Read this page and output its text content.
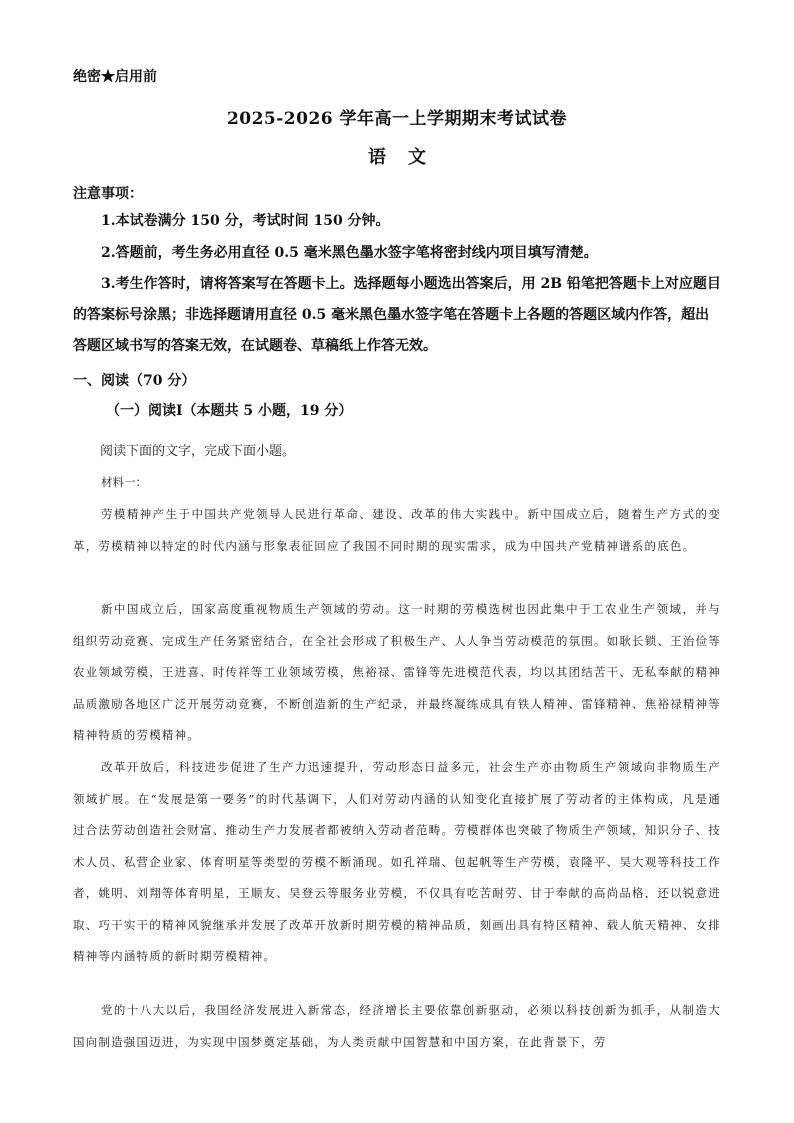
绝密★启用前
2025-2026 学年高一上学期期末考试试卷
语文
注意事项：

1.本试卷满分 150 分，考试时间 150 分钟。

2.答题前，考生务必用直径 0.5 毫米黑色墨水签字笔将密封线内项目填写清楚。

3.考生作答时，请将答案写在答题卡上。选择题每小题选出答案后，用 2B 铅笔把答题卡上对应题目的答案标号涂黑；非选择题请用直径 0.5 毫米黑色墨水签字笔在答题卡上各题的答题区域内作答，超出答题区域书写的答案无效，在试题卷、草稿纸上作答无效。

一、阅读（70 分）
（一）阅读Ⅰ（本题共 5 小题，19 分）
阅读下面的文字，完成下面小题。
材料一：

劳模精神产生于中国共产党领导人民进行革命、建设、改革的伟大实践中。新中国成立后，随着生产方式的变革，劳模精神以特定的时代内涵与形象表征回应了我国不同时期的现实需求，成为中国共产党精神谱系的底色。

新中国成立后，国家高度重视物质生产领域的劳动。这一时期的劳模选树也因此集中于工农业生产领域，并与组织劳动竞赛、完成生产任务紧密结合，在全社会形成了积极生产、人人争当劳动模范的氛围。如耿长锁、王治俭等农业领域劳模，王进喜、时传祥等工业领域劳模，焦裕禄、雷锋等先进模范代表，均以其团结苦干、无私奉献的精神品质激励各地区广泛开展劳动竞赛，不断创造新的生产纪录，并最终凝练成具有铁人精神、雷锋精神、焦裕禄精神等精神特质的劳模精神。

改革开放后，科技进步促进了生产力迅速提升，劳动形态日益多元，社会生产亦由物质生产领域向非物质生产领域扩展。在“发展是第一要务”的时代基调下，人们对劳动内涵的认知变化直接扩展了劳动者的主体构成，凡是通过合法劳动创造社会财富、推动生产力发展者都被纳入劳动者范畴。劳模群体也突破了物质生产领域，知识分子、技术人员、私营企业家、体育明星等类型的劳模不断涌现。如孔祥瑞、包起帆等生产劳模，袁隆平、吴大观等科技工作者，姚明、刘翔等体育明星，王顺友、吴登云等服务业劳模，不仅具有吃苦耐劳、甘于奉献的高尚品格，还以锐意进取、巧干实干的精神风貌继承并发展了改革开放新时期劳模的精神品质，刻画出具有特区精神、载人航天精神、女排精神等内涵特质的新时期劳模精神。

党的十八大以后，我国经济发展进入新常态，经济增长主要依靠创新驱动，必须以科技创新为抓手，从制造大国向制造强国迈进，为实现中国梦奠定基础，为人类贡献中国智慧和中国方案，在此背景下，劳
